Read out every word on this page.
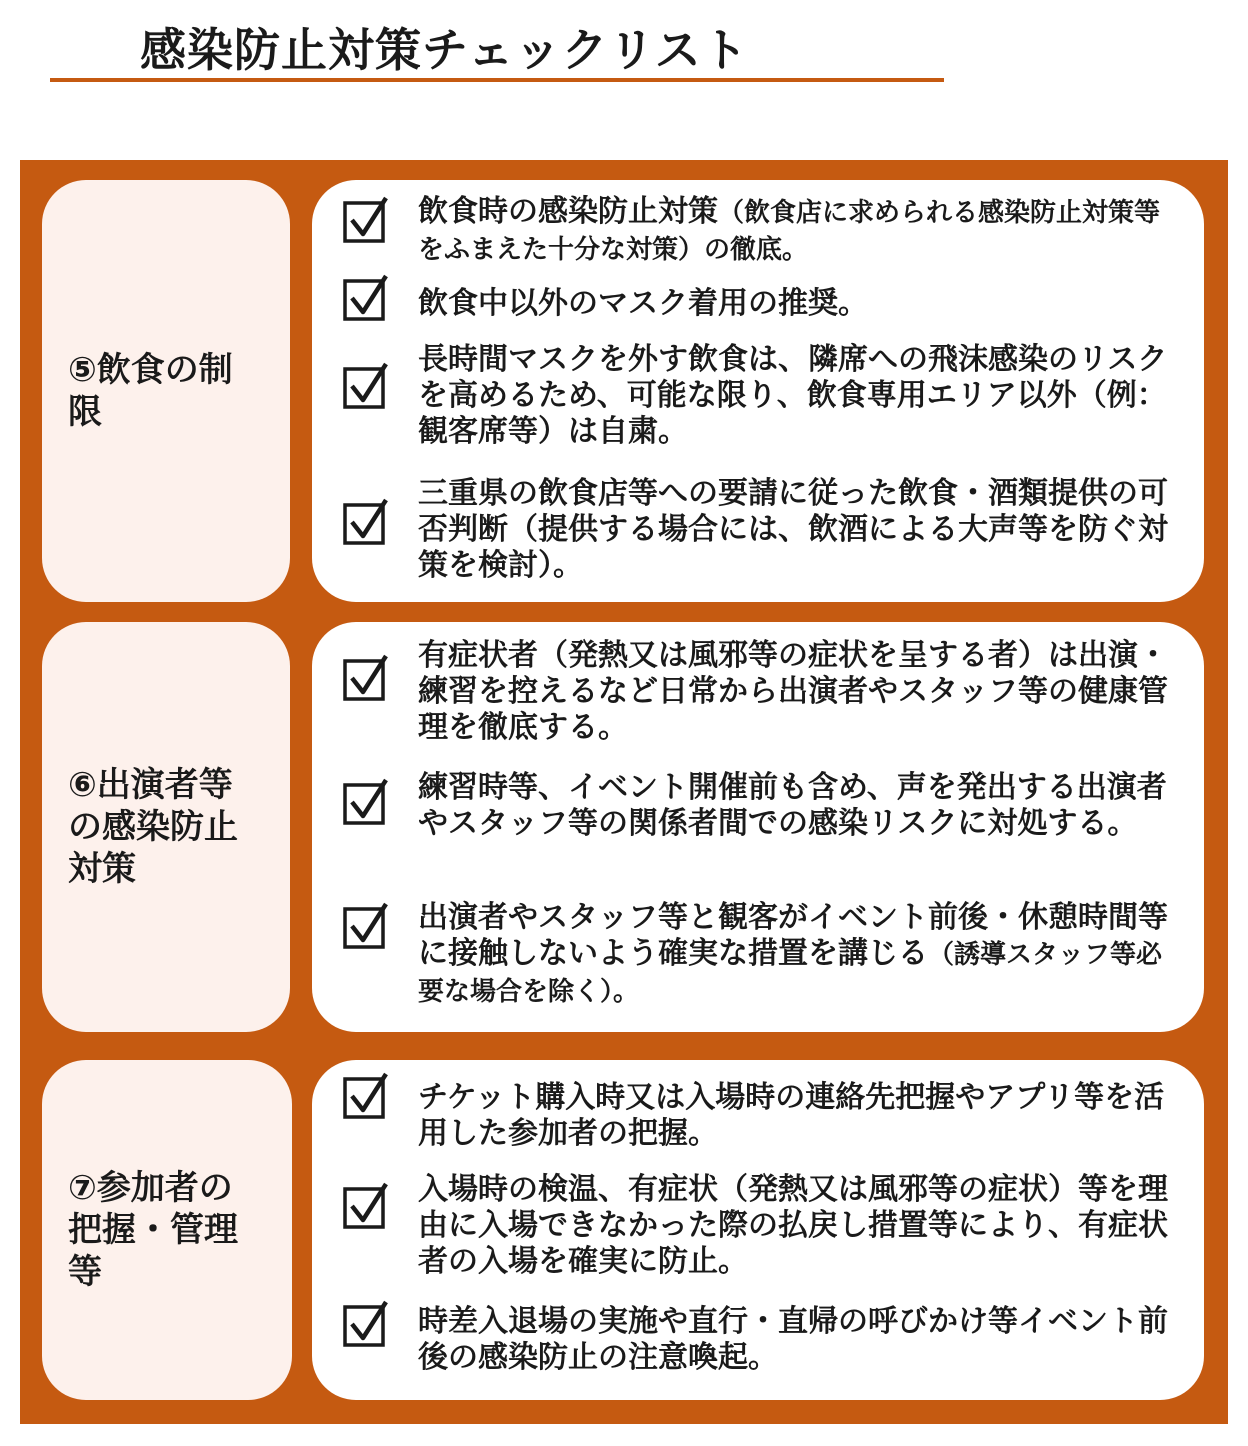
感染防止対策チェックリスト
⑤飲食の制限
飲食時の感染防止対策（飲食店に求められる感染防止対策等をふまえた十分な対策）の徹底。
飲食中以外のマスク着用の推奨。
長時間マスクを外す飲食は、隣席への飛沫感染のリスクを高めるため、可能な限り、飲食専用エリア以外（例：観客席等）は自粛。
三重県の飲食店等への要請に従った飲食・酒類提供の可否判断（提供する場合には、飲酒による大声等を防ぐ対策を検討）。
⑥出演者等の感染防止対策
有症状者（発熱又は風邪等の症状を呈する者）は出演・練習を控えるなど日常から出演者やスタッフ等の健康管理を徹底する。
練習時等、イベント開催前も含め、声を発出する出演者やスタッフ等の関係者間での感染リスクに対処する。
出演者やスタッフ等と観客がイベント前後・休憩時間等に接触しないよう確実な措置を講じる（誘導スタッフ等必要な場合を除く）。
⑦参加者の把握・管理等
チケット購入時又は入場時の連絡先把握やアプリ等を活用した参加者の把握。
入場時の検温、有症状（発熱又は風邪等の症状）等を理由に入場できなかった際の払戻し措置等により、有症状者の入場を確実に防止。
時差入退場の実施や直行・直帰の呼びかけ等イベント前後の感染防止の注意喚起。
